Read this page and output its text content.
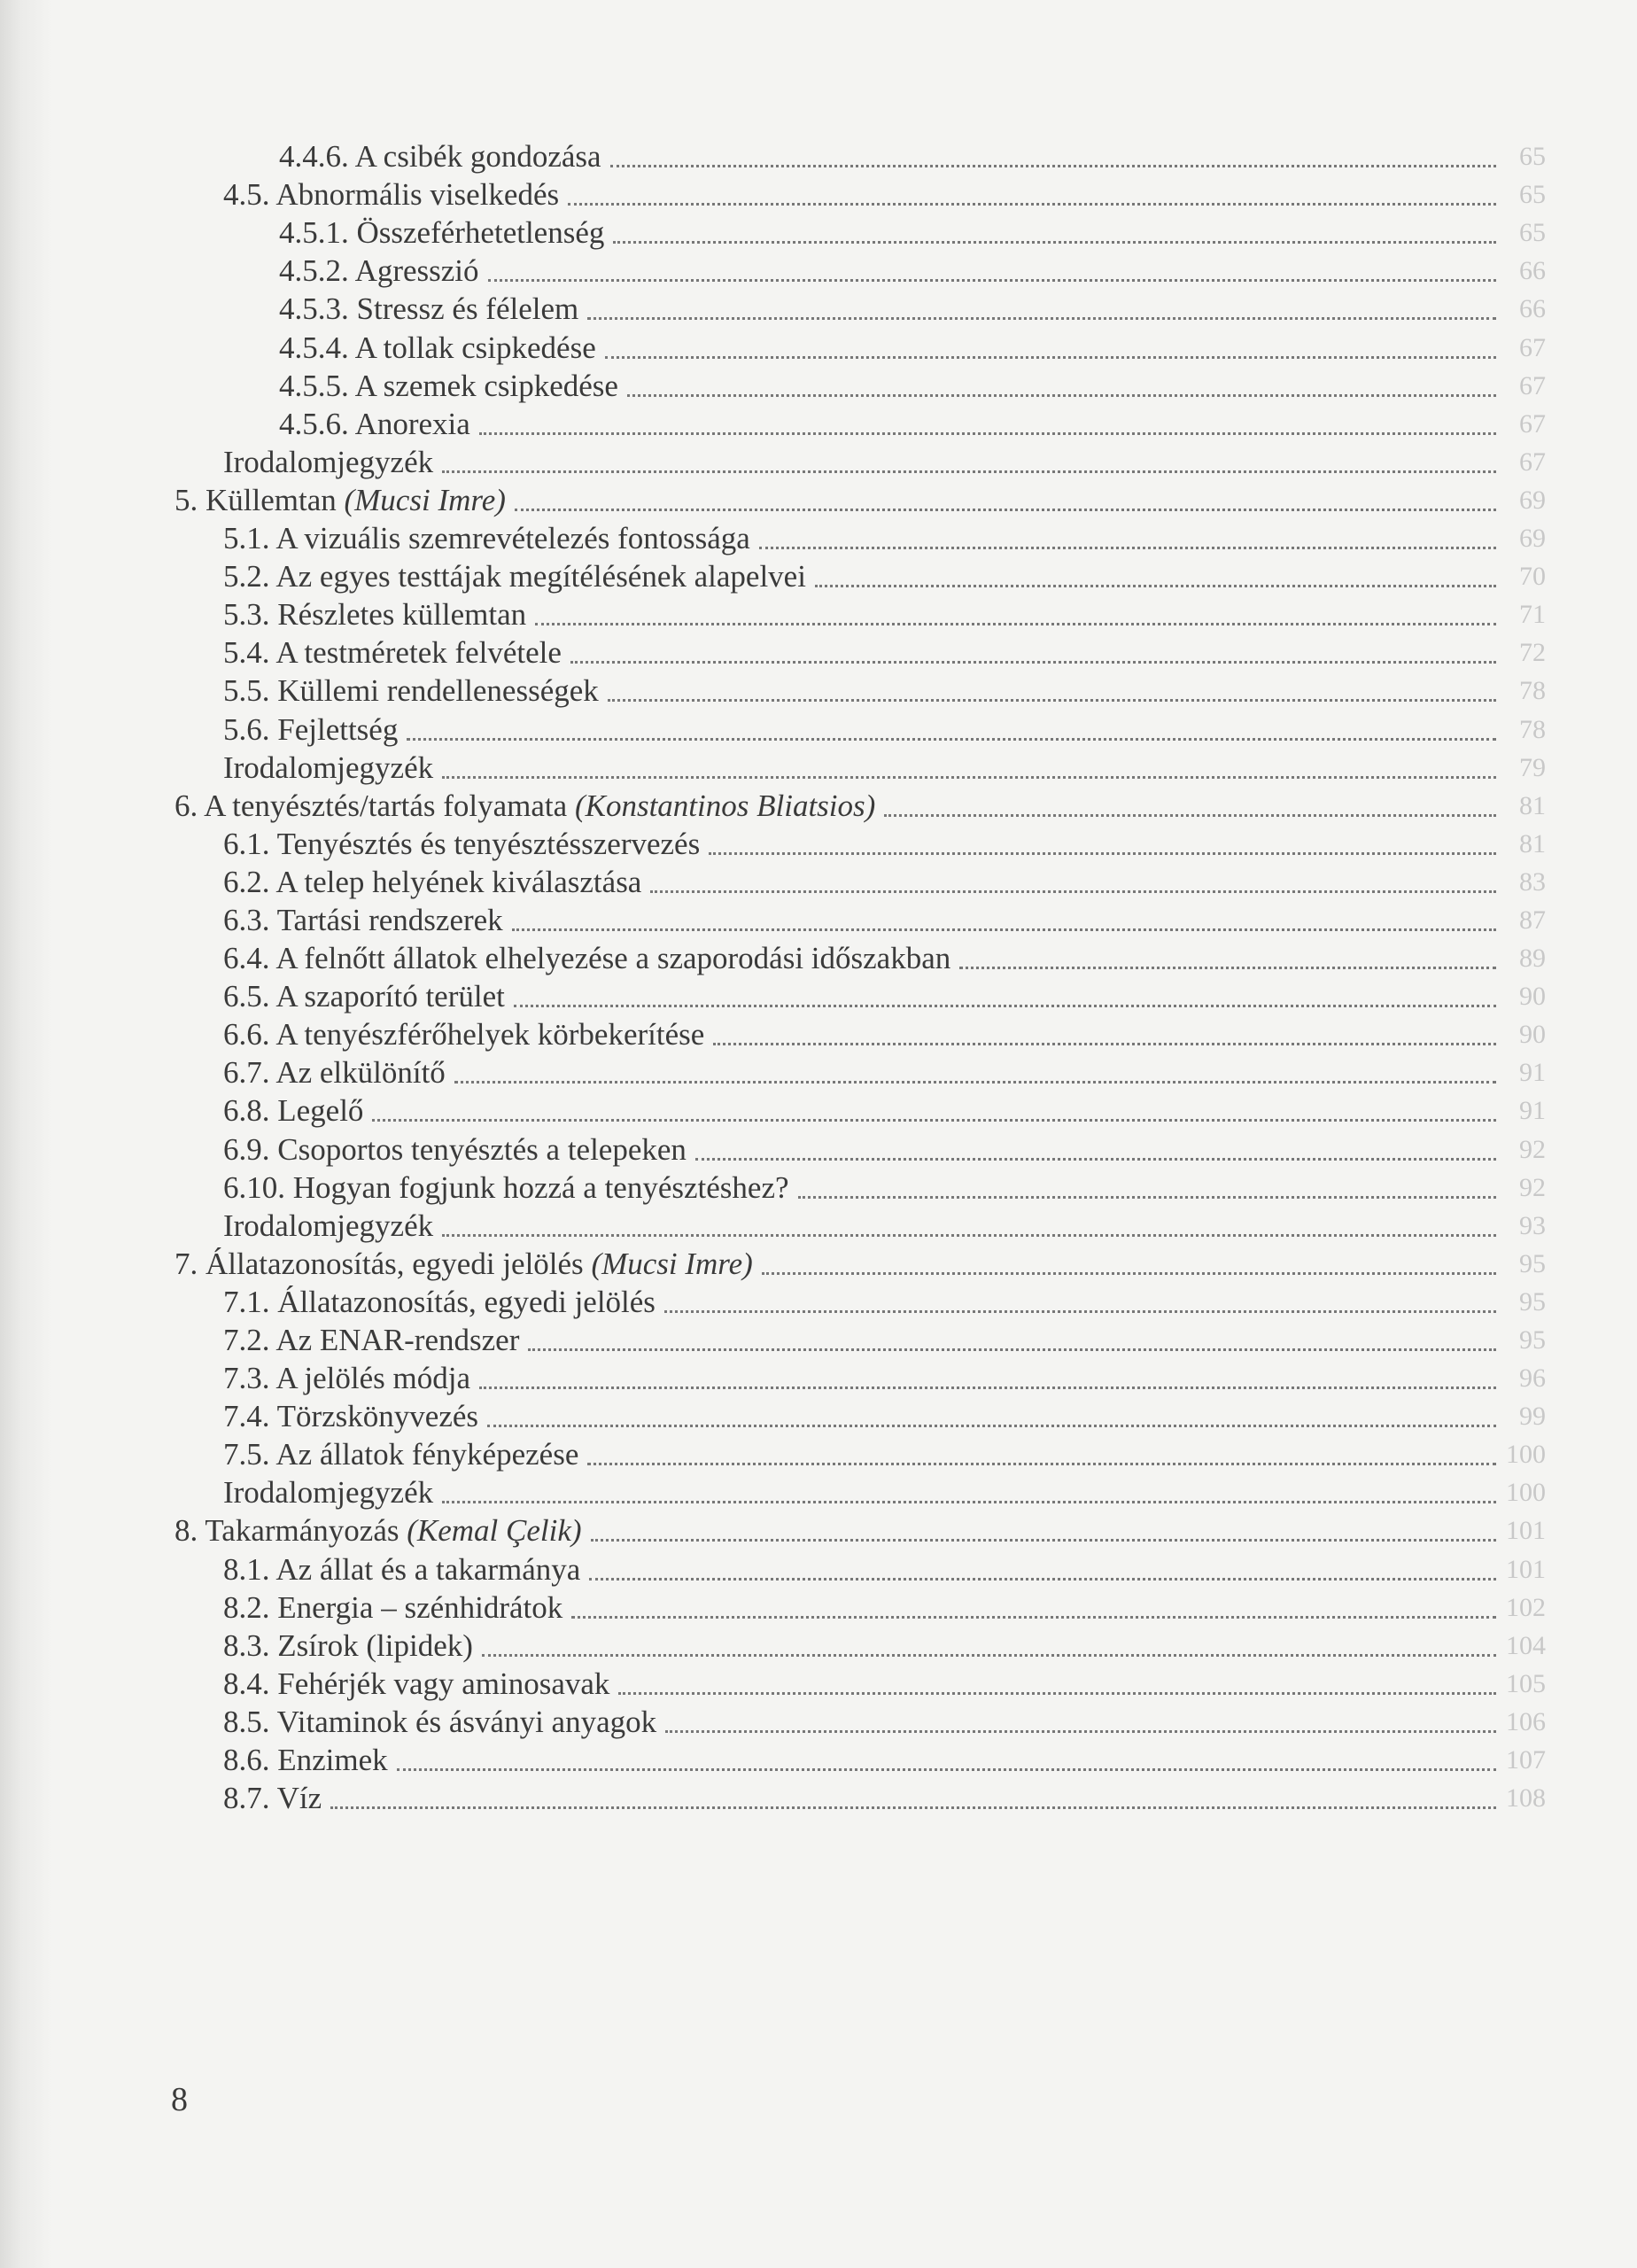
4.4.6. A csibék gondozása	65
4.5. Abnormális viselkedés	65
4.5.1. Összeférhetetlenség	65
4.5.2. Agresszió	66
4.5.3. Stressz és félelem	66
4.5.4. A tollak csipkedése	67
4.5.5. A szemek csipkedése	67
4.5.6. Anorexia	67
Irodalomjegyzék	67
5. Küllemtan (Mucsi Imre)	69
5.1. A vizuális szemrevételezés fontossága	69
5.2. Az egyes testtájak megítélésének alapelvei	70
5.3. Részletes küllemtan	71
5.4. A testméretek felvétele	72
5.5. Küllemi rendellenességek	78
5.6. Fejlettség	78
Irodalomjegyzék	79
6. A tenyésztés/tartás folyamata (Konstantinos Bliatsios)	81
6.1. Tenyésztés és tenyésztésszervezés	81
6.2. A telep helyének kiválasztása	83
6.3. Tartási rendszerek	87
6.4. A felnőtt állatok elhelyezése a szaporodási időszakban	89
6.5. A szaporító terület	90
6.6. A tenyészférőhelyek körbekerítése	90
6.7. Az elkülönítő	91
6.8. Legelő	91
6.9. Csoportos tenyésztés a telepeken	92
6.10. Hogyan fogjunk hozzá a tenyésztéshez?	92
Irodalomjegyzék	93
7. Állatazonosítás, egyedi jelölés (Mucsi Imre)	95
7.1. Állatazonosítás, egyedi jelölés	95
7.2. Az ENAR-rendszer	95
7.3. A jelölés módja	96
7.4. Törzskönyvezés	99
7.5. Az állatok fényképezése	100
Irodalomjegyzék	100
8. Takarmányozás (Kemal Çelik)	101
8.1. Az állat és a takarmánya	101
8.2. Energia – szénhidrátok	102
8.3. Zsírok (lipidek)	104
8.4. Fehérjék vagy aminosavak	105
8.5. Vitaminok és ásványi anyagok	106
8.6. Enzimek	107
8.7. Víz	108
8
